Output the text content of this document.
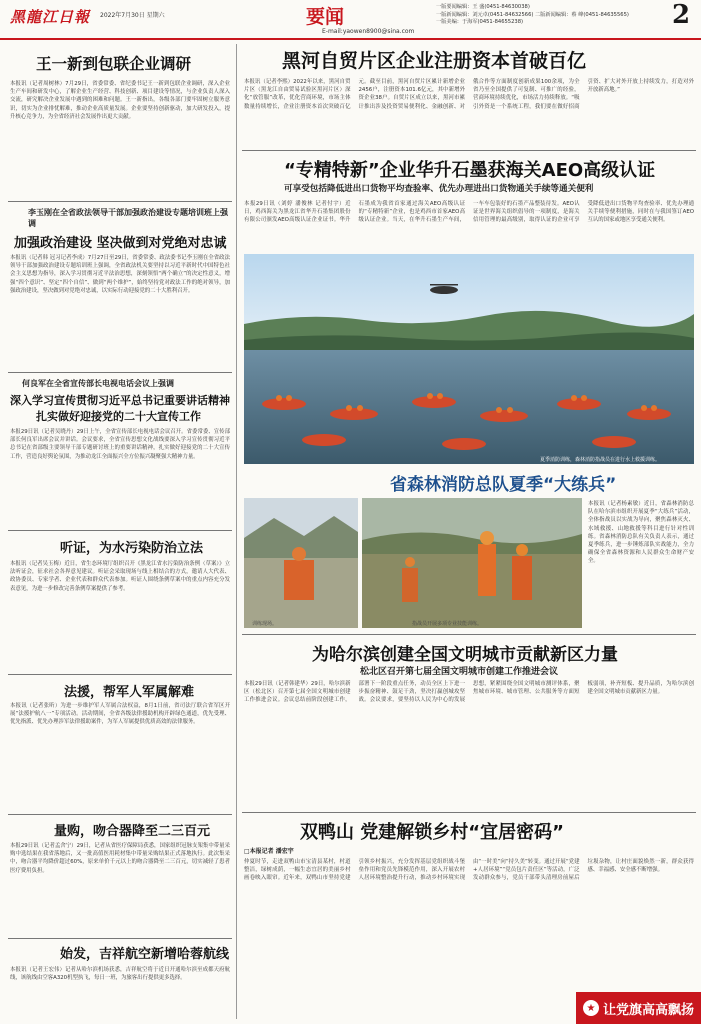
黑龍江日報 2022年7月30日 星期六	要闻
E-mail:yaowen8900@sina.com
一版要闻编辑：王 盛(0451-84630038)
一版新闻编辑：刘元卓(0451-84632566) 二版新闻编辑：蔡 峰(0451-84635565)
一版美编：于海军(0451-84655238)	2
王一新到包联企业调研
本报讯（记者周树林）7月29日，省委常委、省纪委书记王一新到包联企业调研，深入企业生产车间和研发中心，了解企业生产经营、科技创新、项目建设等情况，与企业负责人深入交流，研究解决企业发展中遇到的困难和问题。王一新指出，各级各部门要牢固树立服务意识，切实为企业排忧解难，推动企业高质量发展。企业要坚持创新驱动，加大研发投入，提升核心竞争力，为全省经济社会发展作出更大贡献。
李玉刚在全省政法领导干部加强政治建设专题培训班上强调
加强政治建设 坚决做到对党绝对忠诚
本报讯（记者韩 冠习记者李成）7月27日至29日，省委常委、政法委书记李玉刚在全省政法领导干部加强政治建设专题培训班上强调，全省政法机关要坚持以习近平新时代中国特色社会主义思想为指导，深入学习贯彻习近平法治思想，深刻领悟“两个确立”的决定性意义，增强“四个意识”、坚定“四个自信”、做到“两个维护”，始终坚持党对政法工作的绝对领导，加强政治建设，坚决做到对党绝对忠诚，以实际行动迎接党的二十大胜利召开。
何良军在全省宣传部长电视电话会议上强调
深入学习宣传贯彻习近平总书记重要讲话精神
扎实做好迎接党的二十大宣传工作
本报29日讯（记者吴晓丹）29日上午，全省宣传部长电视电话会议召开。省委常委、宣传部部长何良军出席会议并讲话。会议要求，全省宣传思想文化战线要深入学习宣传贯彻习近平总书记在省部级主要领导干部专题研讨班上的重要讲话精神，扎实做好迎接党的二十大宣传工作，营造良好舆论氛围，为推动龙江全面振兴全方位振兴凝聚强大精神力量。
听证，为水污染防治立法
本报讯（记者吴玉梅）近日，省生态环境厅组织召开《黑龙江省水污染防治条例（草案）》立法听证会，征求社会各界意见建议。听证会采取现场与线上相结合的方式，邀请人大代表、政协委员、专家学者、企业代表和群众代表参加。听证人围绕条例草案中的重点内容充分发表意见，为进一步修改完善条例草案提供了参考。
法援，帮军人军属解难
本报讯（记者张昕）为进一步维护军人军属合法权益，8月1日前，省司法厅联合省军区开展“法援护航八一”专项活动。活动期间，全省各级法律援助机构开辟绿色通道，优先受理、优先指派、优先办理涉军法律援助案件，为军人军属提供优质高效的法律服务。
量购，吻合器降至二三百元
本报29日讯（记者孟舍宁）29日，记者从省医疗保障局获悉，国家组织冠脉支架集中带量采购中选结果在我省落地后，又一批高值医用耗材集中带量采购结果正式落地执行。此次集采中，吻合器平均降价超过60%，原来单价千元以上的吻合器降至二三百元，切实减轻了患者医疗费用负担。
始发，吉祥航空新增哈蓉航线
本报讯（记者王宏伟）记者从哈尔滨机场获悉，吉祥航空将于近日开通哈尔滨至成都天府航线，该航线由空客A320机型执飞，每日一班，为旅客出行提供更多选择。
黑河自贸片区企业注册资本首破百亿
本报讯（记者李熙）2022年以来，黑河自贸片区（黑龙江自由贸易试验区黑河片区）深化“放管服”改革，优化营商环境，市场主体数量持续增长，企业注册资本首次突破百亿元。截至目前，黑河自贸片区累计新增企业2456户，注册资本101.6亿元，其中新增外资企业38户。自贸片区成立以来，黑河市累计推出涉及投资贸易便利化、金融创新、对俄合作等方面制度创新成果100余项，为全省乃至全国提供了可复制、可推广的经验，营商环境持续优化，市场活力持续释放。“吸引外资是一个系统工程，我们要在做好招商引资、扩大对外开放上持续发力，打造对外开放新高地。”
“专精特新”企业华升石墨获海关AEO高级认证
可享受包括降低进出口货物平均查验率、优先办理进出口货物通关手续等通关便利
本报29日讯（刘婷 潘俊林 记者付宇）近日，鸡西海关为黑龙江省华升石墨集团股份有限公司颁发AEO高级认证企业证书。华升石墨成为我省首家通过海关AEO高级认证的“专精特新”企业，也是鸡西市首家AEO高级认证企业。当天，在华升石墨生产车间，一车车包装好的石墨产品整装待发。AEO认证是世界海关组织倡导的一项制度，是海关信用管理的最高级别，取得认证的企业可享受降低进出口货物平均查验率、优先办理通关手续等便利措施，同时在与我国签订AEO互认的国家或地区享受通关便利。
夏季消防训练，森林消防指战员在进行水上救援训练。
省森林消防总队夏季“大练兵”
训练现场。	指战员开展多项专业技能训练。
本报讯（记者杨素敏）近日，省森林消防总队在哈尔滨市组织开展夏季“大练兵”活动，全体指战员以实战为导向，聚焦森林灭火、水域救援、山地救援等科目进行针对性训练。省森林消防总队有关负责人表示，通过夏季练兵，进一步锤炼部队实战能力，全力确保全省森林资源和人民群众生命财产安全。
为哈尔滨创建全国文明城市贡献新区力量
松北区召开第七届全国文明城市创建工作推进会议
本报29日讯（记者韩建华）29日，哈尔滨新区（松北区）召开第七届全国文明城市创建工作推进会议。会议总结前阶段创建工作，部署下一阶段重点任务，动员全区上下进一步振奋精神、鼓足干劲，坚决打赢创城攻坚战。会议要求，要坚持以人民为中心的发展思想，紧紧围绕全国文明城市测评体系，聚焦城市环境、城市管理、公共服务等方面短板弱项，补齐短板、提升品质，为哈尔滨创建全国文明城市贡献新区力量。
双鸭山 党建解锁乡村“宜居密码”
□本报记者 潘宏宇
仲夏时节，走进双鸭山市宝清县某村，村道整洁，绿树成荫，一幅生态宜居的美丽乡村画卷映入眼帘。近年来，双鸭山市坚持党建引领乡村振兴，充分发挥基层党组织战斗堡垒作用和党员先锋模范作用，深入开展农村人居环境整治提升行动，推动乡村环境实现由“一时美”向“持久美”转变。通过开展“党建+人居环境”“党员包片责任区”等活动，广泛发动群众参与，党员干部带头清理房前屋后垃圾杂物，让村庄面貌焕然一新，群众获得感、幸福感、安全感不断增强。
★ 让党旗高高飘扬
